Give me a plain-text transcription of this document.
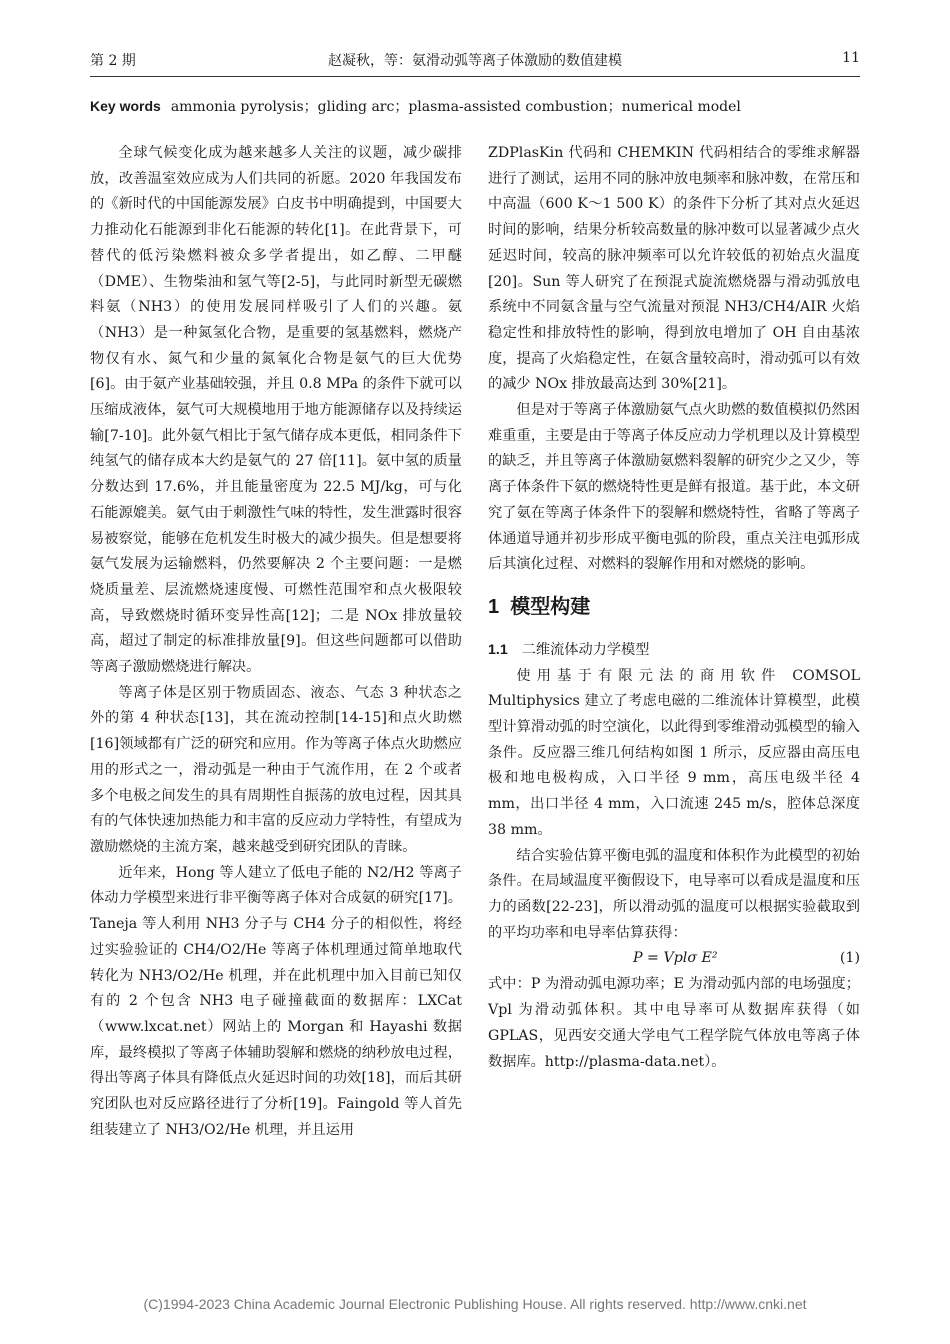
第 2 期	赵凝秋，等：氨滑动弧等离子体激励的数值建模	11
Key words ammonia pyrolysis；gliding arc；plasma-assisted combustion；numerical model

全球气候变化成为越来越多人关注的议题，减少碳排放，改善温室效应成为人们共同的祈愿。2020 年我国发布的《新时代的中国能源发展》白皮书中明确提到，中国要大力推动化石能源到非化石能源的转化[1]。在此背景下，可替代的低污染燃料被众多学者提出，如乙醇、二甲醚（DME）、生物柴油和氢气等[2-5]，与此同时新型无碳燃料氨（NH3）的使用发展同样吸引了人们的兴趣。氨（NH3）是一种氮氢化合物，是重要的氢基燃料，燃烧产物仅有水、氮气和少量的氮氧化合物是氨气的巨大优势[6]。由于氨产业基础较强，并且 0.8 MPa 的条件下就可以压缩成液体，氨气可大规模地用于地方能源储存以及持续运输[7-10]。此外氨气相比于氢气储存成本更低，相同条件下纯氢气的储存成本大约是氨气的 27 倍[11]。氨中氢的质量分数达到 17.6%，并且能量密度为 22.5 MJ/kg，可与化石能源媲美。氨气由于刺激性气味的特性，发生泄露时很容易被察觉，能够在危机发生时极大的减少损失。但是想要将氨气发展为运输燃料，仍然要解决 2 个主要问题：一是燃烧质量差、层流燃烧速度慢、可燃性范围窄和点火极限较高，导致燃烧时循环变异性高[12]；二是 NOx 排放量较高，超过了制定的标准排放量[9]。但这些问题都可以借助等离子激励燃烧进行解决。

等离子体是区别于物质固态、液态、气态 3 种状态之外的第 4 种状态[13]，其在流动控制[14-15]和点火助燃[16]领域都有广泛的研究和应用。作为等离子体点火助燃应用的形式之一，滑动弧是一种由于气流作用，在 2 个或者多个电极之间发生的具有周期性自振荡的放电过程，因其具有的气体快速加热能力和丰富的反应动力学特性，有望成为激励燃烧的主流方案，越来越受到研究团队的青睐。

近年来，Hong 等人建立了低电子能的 N2/H2 等离子体动力学模型来进行非平衡等离子体对合成氨的研究[17]。Taneja 等人利用 NH3 分子与 CH4 分子的相似性，将经过实验验证的 CH4/O2/He 等离子体机理通过简单地取代转化为 NH3/O2/He 机理，并在此机理中加入目前已知仅有的 2 个包含 NH3 电子碰撞截面的数据库：LXCat（www.lxcat.net）网站上的 Morgan 和 Hayashi 数据库，最终模拟了等离子体辅助裂解和燃烧的纳秒放电过程，得出等离子体具有降低点火延迟时间的功效[18]，而后其研究团队也对反应路径进行了分析[19]。Faingold 等人首先组装建立了 NH3/O2/He 机理，并且运用

ZDPlasKin 代码和 CHEMKIN 代码相结合的零维求解器进行了测试，运用不同的脉冲放电频率和脉冲数，在常压和中高温（600 K～1 500 K）的条件下分析了其对点火延迟时间的影响，结果分析较高数量的脉冲数可以显著减少点火延迟时间，较高的脉冲频率可以允许较低的初始点火温度[20]。Sun 等人研究了在预混式旋流燃烧器与滑动弧放电系统中不同氨含量与空气流量对预混 NH3/CH4/AIR 火焰稳定性和排放特性的影响，得到放电增加了 OH 自由基浓度，提高了火焰稳定性，在氨含量较高时，滑动弧可以有效的减少 NOx 排放最高达到 30%[21]。

但是对于等离子体激励氨气点火助燃的数值模拟仍然困难重重，主要是由于等离子体反应动力学机理以及计算模型的缺乏，并且等离子体激励氨燃料裂解的研究少之又少，等离子体条件下氨的燃烧特性更是鲜有报道。基于此，本文研究了氨在等离子体条件下的裂解和燃烧特性，省略了等离子体通道导通并初步形成平衡电弧的阶段，重点关注电弧形成后其演化过程、对燃料的裂解作用和对燃烧的影响。

1 模型构建
1.1 二维流体动力学模型

使用基于有限元法的商用软件 COMSOL Multiphysics 建立了考虑电磁的二维流体计算模型，此模型计算滑动弧的时空演化，以此得到零维滑动弧模型的输入条件。反应器三维几何结构如图 1 所示，反应器由高压电极和地电极构成，入口半径 9 mm，高压电级半径 4 mm，出口半径 4 mm，入口流速 245 m/s，腔体总深度 38 mm。

结合实验估算平衡电弧的温度和体积作为此模型的初始条件。在局域温度平衡假设下，电导率可以看成是温度和压力的函数[22-23]，所以滑动弧的温度可以根据实验截取到的平均功率和电导率估算获得：

P = Vplσ E²	(1)

式中：P 为滑动弧电源功率；E 为滑动弧内部的电场强度；Vpl 为滑动弧体积。其中电导率可从数据库获得（如 GPLAS，见西安交通大学电气工程学院气体放电等离子体数据库。http://plasma-data.net）。

(C)1994-2023 China Academic Journal Electronic Publishing House. All rights reserved. http://www.cnki.net
